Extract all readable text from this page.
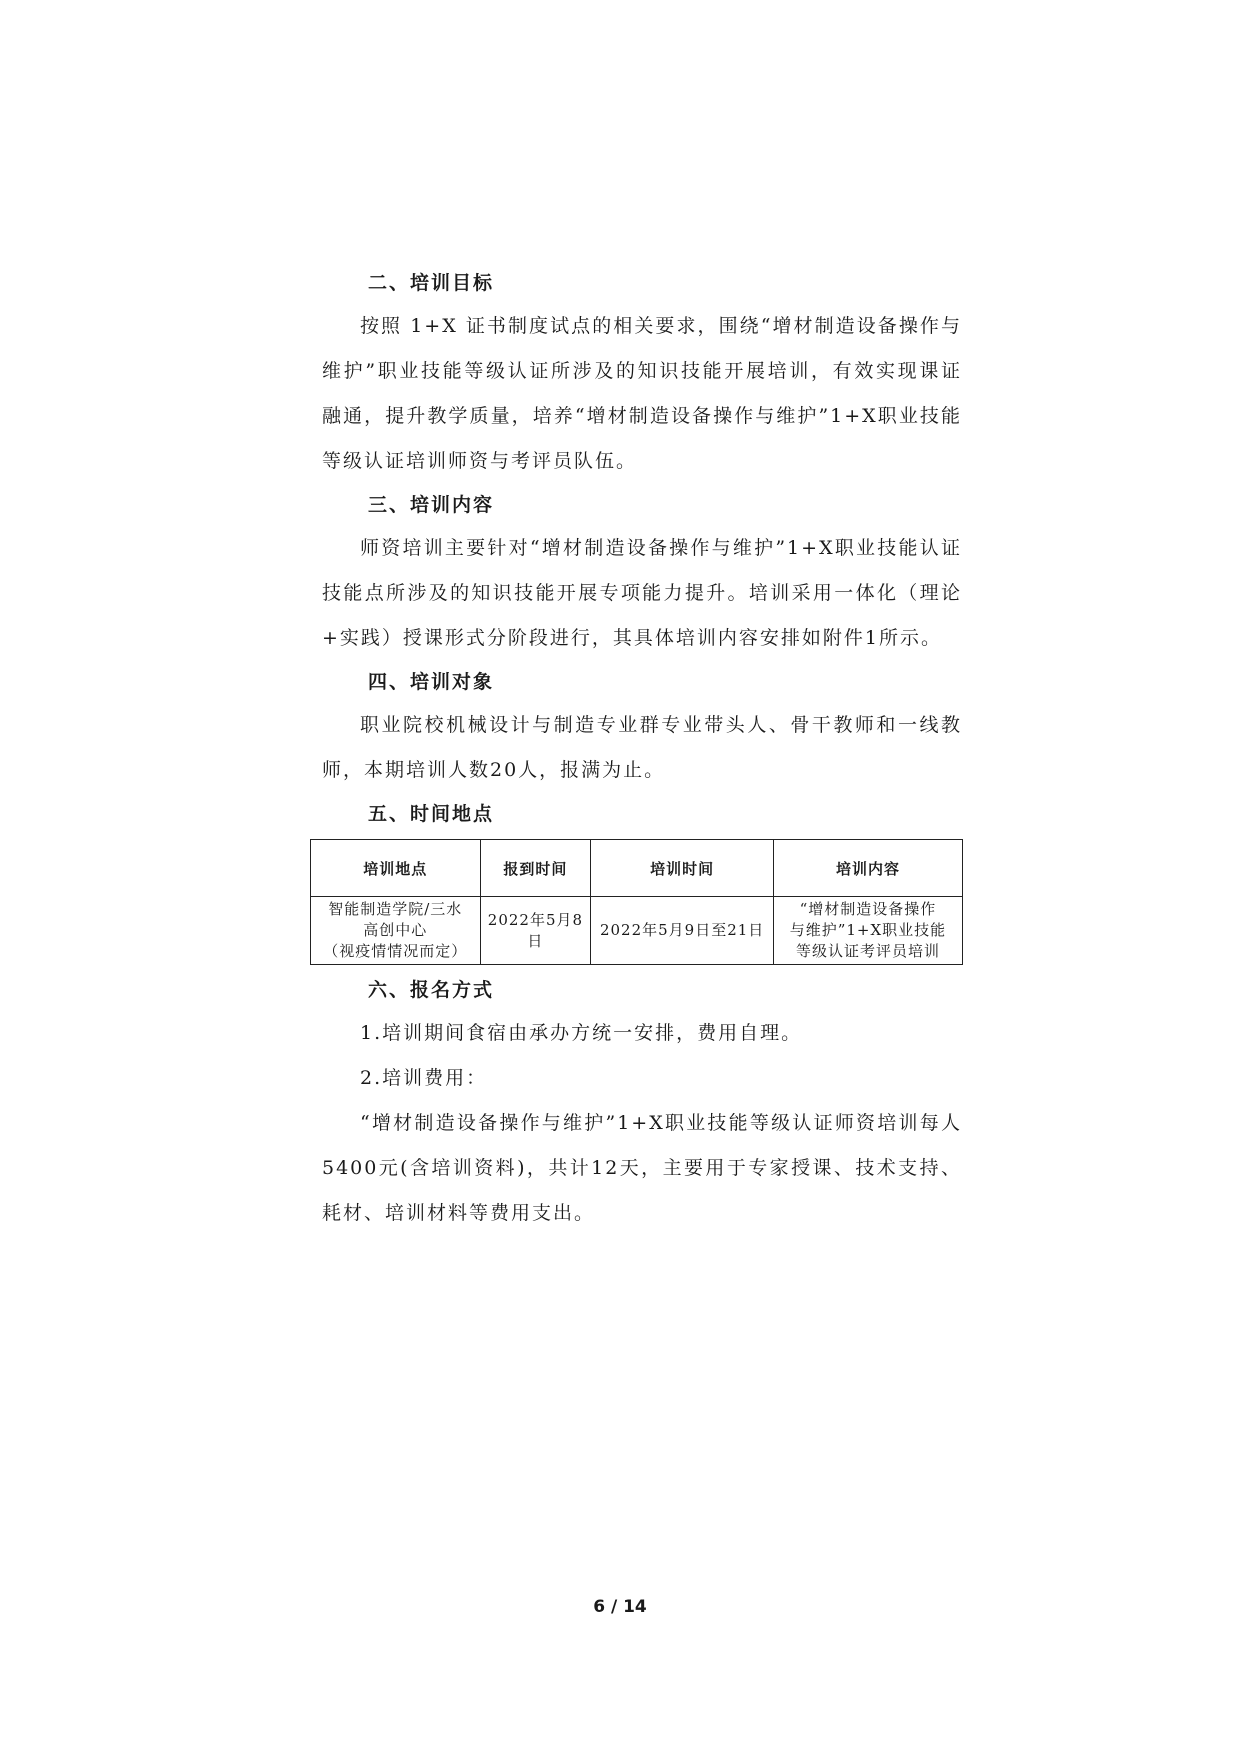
二、培训目标

按照 1+X 证书制度试点的相关要求，围绕“增材制造设备操作与维护”职业技能等级认证所涉及的知识技能开展培训，有效实现课证融通，提升教学质量，培养“增材制造设备操作与维护”1+X职业技能等级认证培训师资与考评员队伍。

三、培训内容

师资培训主要针对“增材制造设备操作与维护”1+X职业技能认证技能点所涉及的知识技能开展专项能力提升。培训采用一体化（理论+实践）授课形式分阶段进行，其具体培训内容安排如附件1所示。

四、培训对象

职业院校机械设计与制造专业群专业带头人、骨干教师和一线教师，本期培训人数20人，报满为止。

五、时间地点
培训地点	报到时间	培训时间	培训内容

智能制造学院/三水
高创中心
（视疫情情况而定）	2022年5月8日	2022年5月9日至21日	“增材制造设备操作
与维护”1+X职业技能
等级认证考评员培训
六、报名方式

1.培训期间食宿由承办方统一安排，费用自理。

2.培训费用：

“增材制造设备操作与维护”1+X职业技能等级认证师资培训每人5400元(含培训资料)，共计12天，主要用于专家授课、技术支持、耗材、培训材料等费用支出。

6 / 14
